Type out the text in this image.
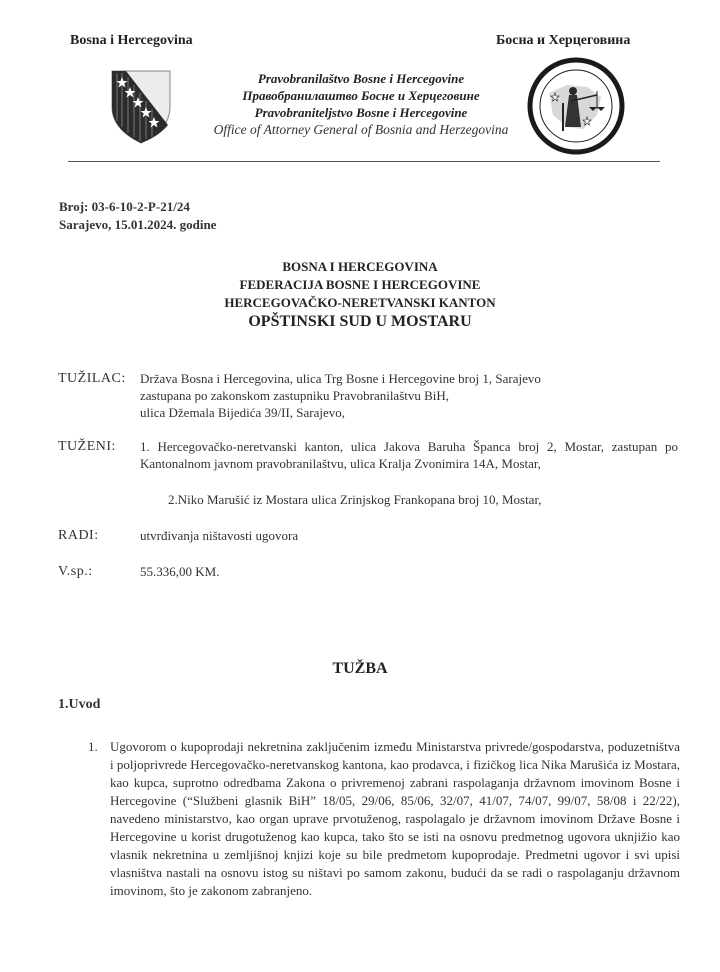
Bosna i Hercegovina	Босна и Херцеговина
Pravobranilaštvo Bosne i Hercegovine
Правобранилаштво Босне и Херцеговине
Pravobraniteljstvo Bosne i Hercegovine
Office of Attorney General of Bosnia and Herzegovina
Broj: 03-6-10-2-P-21/24
Sarajevo, 15.01.2024. godine
BOSNA I HERCEGOVINA
FEDERACIJA BOSNE I HERCEGOVINE
HERCEGOVAČKO-NERETVANSKI KANTON
OPŠTINSKI SUD U MOSTARU
TUŽILAC:	Država Bosna i Hercegovina, ulica Trg Bosne i Hercegovine broj 1, Sarajevo
zastupana po zakonskom zastupniku Pravobranilaštvu BiH,
ulica Džemala Bijedića 39/II, Sarajevo,
TUŽENI:	1. Hercegovačko-neretvanski kanton, ulica Jakova Baruha Španca broj 2, Mostar, zastupan po Kantonalnom javnom pravobranilaštvu, ulica Kralja Zvonimira 14A, Mostar,
2.Niko Marušić iz Mostara ulica Zrinjskog Frankopana broj 10, Mostar,
RADI:	utvrđivanja ništavosti ugovora
V.sp.:	55.336,00 KM.
TUŽBA
1.Uvod
1. Ugovorom o kupoprodaji nekretnina zaključenim između Ministarstva privrede/gospodarstva, poduzetništva i poljoprivrede Hercegovačko-neretvanskog kantona, kao prodavca, i fizičkog lica Nika Marušića iz Mostara, kao kupca, suprotno odredbama Zakona o privremenoj zabrani raspolaganja državnom imovinom Bosne i Hercegovine (“Službeni glasnik BiH” 18/05, 29/06, 85/06, 32/07, 41/07, 74/07, 99/07, 58/08 i 22/22), navedeno ministarstvo, kao organ uprave prvotuženog, raspolagalo je državnom imovinom Države Bosne i Hercegovine u korist drugotuženog kao kupca, tako što se isti na osnovu predmetnog ugovora uknjižio kao vlasnik nekretnina u zemljišnoj knjizi koje su bile predmetom kupoprodaje. Predmetni ugovor i svi upisi vlasništva nastali na osnovu istog su ništavi po samom zakonu, budući da se radi o raspolaganju državnom imovinom, što je zakonom zabranjeno.
